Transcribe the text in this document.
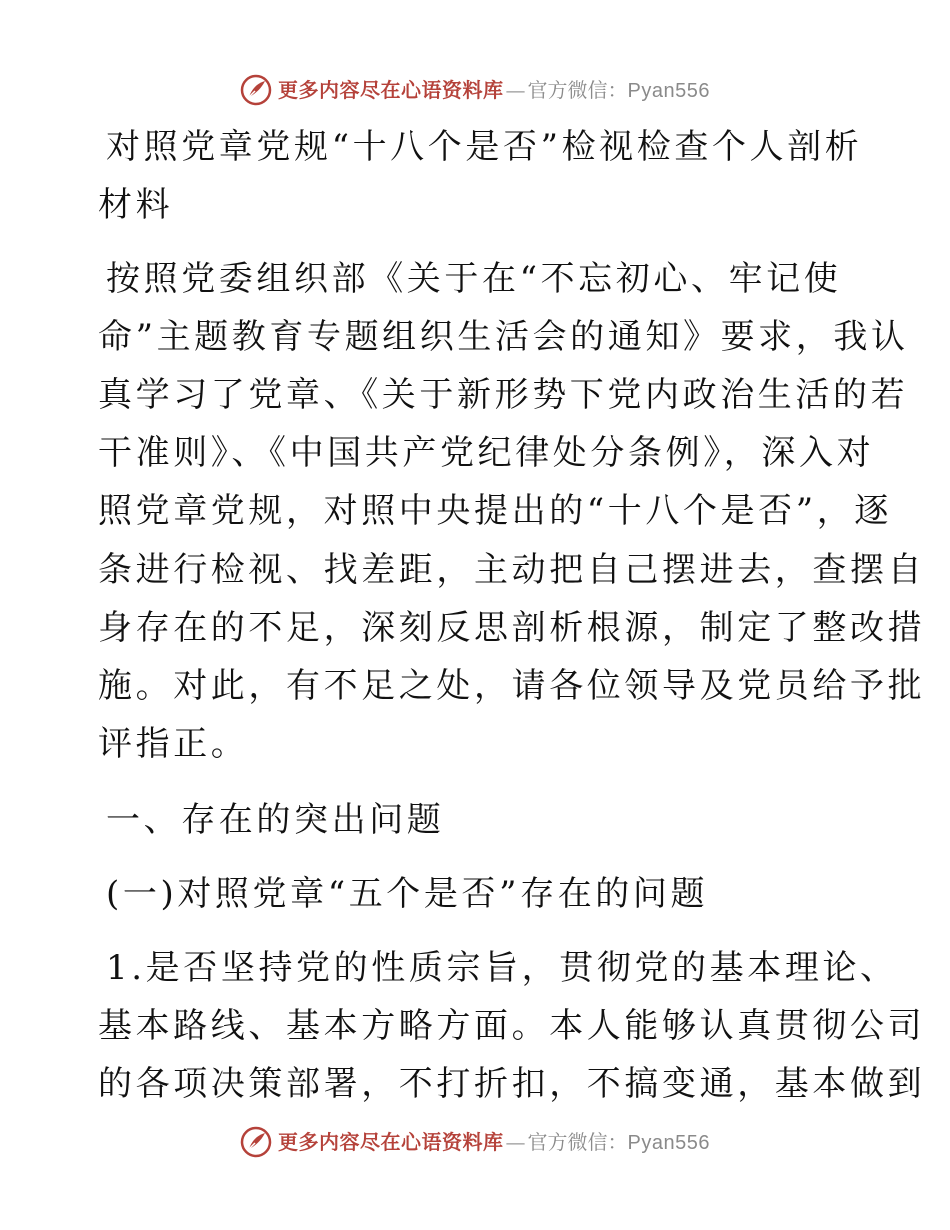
更多内容尽在心语资料库 — 官方微信：Pyan556
对照党章党规“十八个是否”检视检查个人剖析
材料
按照党委组织部《关于在“不忘初心、牢记使
命”主题教育专题组织生活会的通知》要求，我认
真学习了党章、《关于新形势下党内政治生活的若
干准则》、《中国共产党纪律处分条例》，深入对
照党章党规，对照中央提出的“十八个是否”，逐
条进行检视、找差距，主动把自己摆进去，查摆自
身存在的不足，深刻反思剖析根源，制定了整改措
施。对此，有不足之处，请各位领导及党员给予批
评指正。
一、存在的突出问题
(一)对照党章“五个是否”存在的问题
1.是否坚持党的性质宗旨，贯彻党的基本理论、
基本路线、基本方略方面。本人能够认真贯彻公司
的各项决策部署，不打折扣，不搞变通，基本做到
更多内容尽在心语资料库 — 官方微信：Pyan556
